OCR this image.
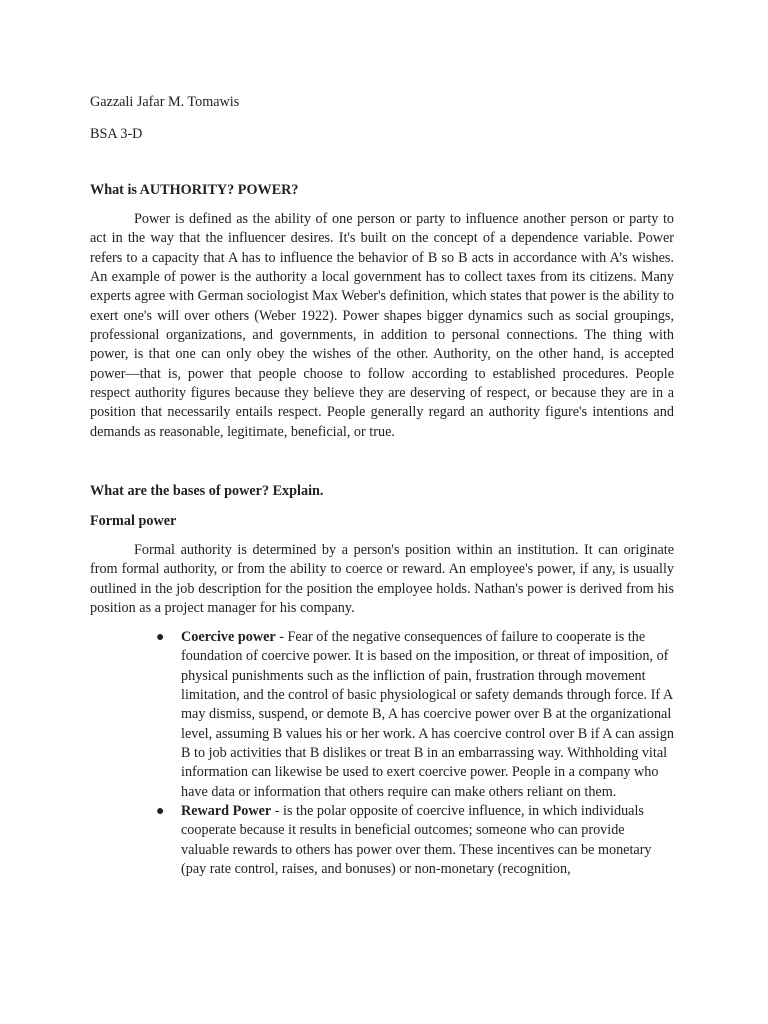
Gazzali Jafar M. Tomawis

BSA 3-D

What is AUTHORITY? POWER?

Power is defined as the ability of one person or party to influence another person or party to act in the way that the influencer desires. It's built on the concept of a dependence variable. Power refers to a capacity that A has to influence the behavior of B so B acts in accordance with A’s wishes. An example of power is the authority a local government has to collect taxes from its citizens. Many experts agree with German sociologist Max Weber's definition, which states that power is the ability to exert one's will over others (Weber 1922). Power shapes bigger dynamics such as social groupings, professional organizations, and governments, in addition to personal connections. The thing with power, is that one can only obey the wishes of the other. Authority, on the other hand, is accepted power—that is, power that people choose to follow according to established procedures. People respect authority figures because they believe they are deserving of respect, or because they are in a position that necessarily entails respect. People generally regard an authority figure's intentions and demands as reasonable, legitimate, beneficial, or true.

What are the bases of power? Explain.

Formal power

Formal authority is determined by a person's position within an institution. It can originate from formal authority, or from the ability to coerce or reward. An employee's power, if any, is usually outlined in the job description for the position the employee holds. Nathan's power is derived from his position as a project manager for his company.

● Coercive power - Fear of the negative consequences of failure to cooperate is the foundation of coercive power. It is based on the imposition, or threat of imposition, of physical punishments such as the infliction of pain, frustration through movement limitation, and the control of basic physiological or safety demands through force. If A may dismiss, suspend, or demote B, A has coercive power over B at the organizational level, assuming B values his or her work. A has coercive control over B if A can assign B to job activities that B dislikes or treat B in an embarrassing way. Withholding vital information can likewise be used to exert coercive power. People in a company who have data or information that others require can make others reliant on them.
● Reward Power - is the polar opposite of coercive influence, in which individuals cooperate because it results in beneficial outcomes; someone who can provide valuable rewards to others has power over them. These incentives can be monetary (pay rate control, raises, and bonuses) or non-monetary (recognition,
